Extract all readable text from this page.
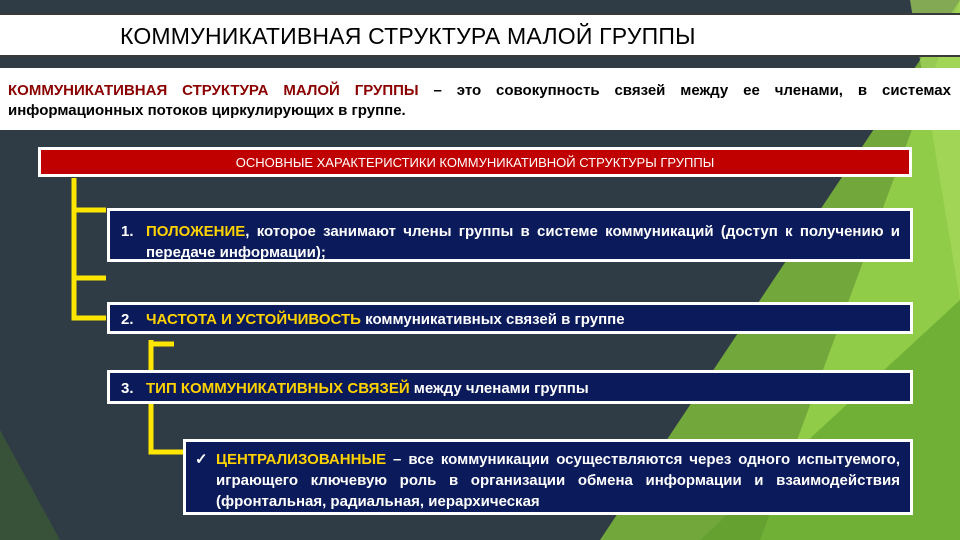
КОММУНИКАТИВНАЯ СТРУКТУРА МАЛОЙ ГРУППЫ
КОММУНИКАТИВНАЯ СТРУКТУРА МАЛОЙ ГРУППЫ – это совокупность связей между ее членами, в системах информационных потоков циркулирующих в группе.
ОСНОВНЫЕ ХАРАКТЕРИСТИКИ КОММУНИКАТИВНОЙ СТРУКТУРЫ ГРУППЫ
1. ПОЛОЖЕНИЕ, которое занимают члены группы в системе коммуникаций (доступ к получению и передаче информации);
2. ЧАСТОТА И УСТОЙЧИВОСТЬ коммуникативных связей в группе
3. ТИП КОММУНИКАТИВНЫХ СВЯЗЕЙ между членами группы
✓ ЦЕНТРАЛИЗОВАННЫЕ – все коммуникации осуществляются через одного испытуемого, играющего ключевую роль в организации обмена информации и взаимодействия (фронтальная, радиальная, иерархическая
